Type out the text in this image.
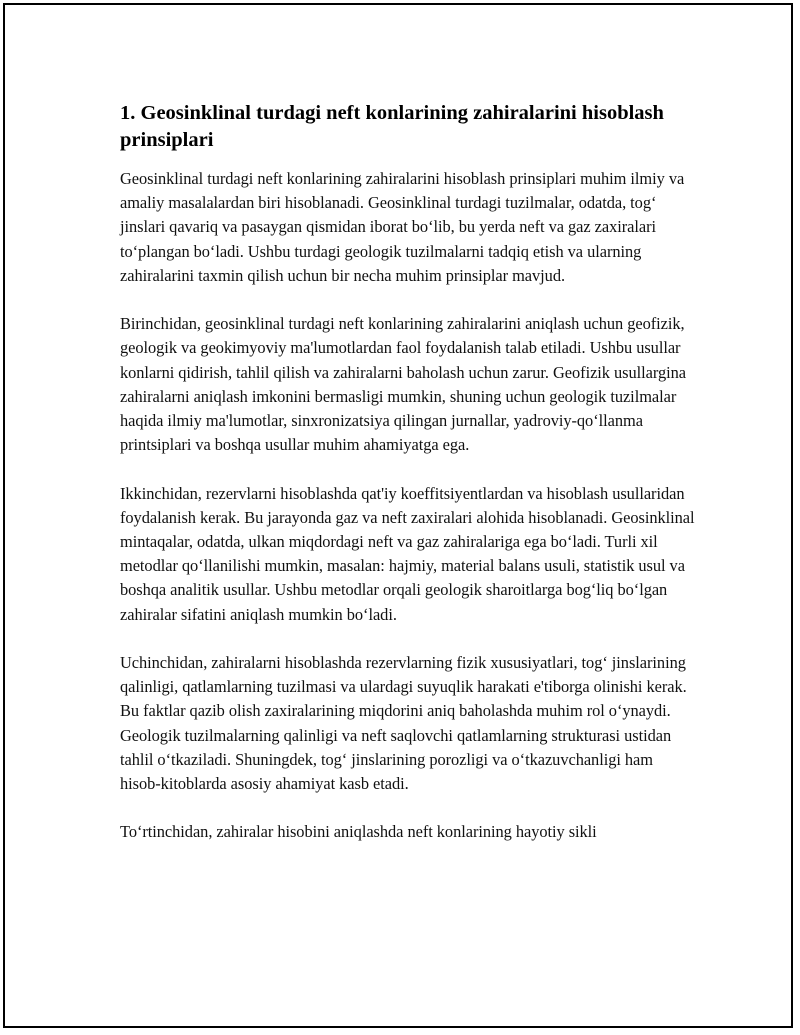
1. Geosinklinal turdagi neft konlarining zahiralarini hisoblash prinsiplari

Geosinklinal turdagi neft konlarining zahiralarini hisoblash prinsiplari muhim ilmiy va amaliy masalalardan biri hisoblanadi. Geosinklinal turdagi tuzilmalar, odatda, tog‘ jinslari qavariq va pasaygan qismidan iborat bo‘lib, bu yerda neft va gaz zaxiralari to‘plangan bo‘ladi. Ushbu turdagi geologik tuzilmalarni tadqiq etish va ularning zahiralarini taxmin qilish uchun bir necha muhim prinsiplar mavjud.

Birinchidan, geosinklinal turdagi neft konlarining zahiralarini aniqlash uchun geofizik, geologik va geokimyoviy ma'lumotlardan faol foydalanish talab etiladi. Ushbu usullar konlarni qidirish, tahlil qilish va zahiralarni baholash uchun zarur. Geofizik usullargina zahiralarni aniqlash imkonini bermasligi mumkin, shuning uchun geologik tuzilmalar haqida ilmiy ma'lumotlar, sinxronizatsiya qilingan jurnallar, yadroviy-qo‘llanma printsiplari va boshqa usullar muhim ahamiyatga ega.

Ikkinchidan, rezervlarni hisoblashda qat'iy koeffitsiyentlardan va hisoblash usullaridan foydalanish kerak. Bu jarayonda gaz va neft zaxiralari alohida hisoblanadi. Geosinklinal mintaqalar, odatda, ulkan miqdordagi neft va gaz zahiralariga ega bo‘ladi. Turli xil metodlar qo‘llanilishi mumkin, masalan: hajmiy, material balans usuli, statistik usul va boshqa analitik usullar. Ushbu metodlar orqali geologik sharoitlarga bog‘liq bo‘lgan zahiralar sifatini aniqlash mumkin bo‘ladi.

Uchinchidan, zahiralarni hisoblashda rezervlarning fizik xususiyatlari, tog‘ jinslarining qalinligi, qatlamlarning tuzilmasi va ulardagi suyuqlik harakati e'tiborga olinishi kerak. Bu faktlar qazib olish zaxiralarining miqdorini aniq baholashda muhim rol o‘ynaydi. Geologik tuzilmalarning qalinligi va neft saqlovchi qatlamlarning strukturasi ustidan tahlil o‘tkaziladi. Shuningdek, tog‘ jinslarining porozligi va o‘tkazuvchanligi ham hisob-kitoblarda asosiy ahamiyat kasb etadi.

To‘rtinchidan, zahiralar hisobini aniqlashda neft konlarining hayotiy sikli
